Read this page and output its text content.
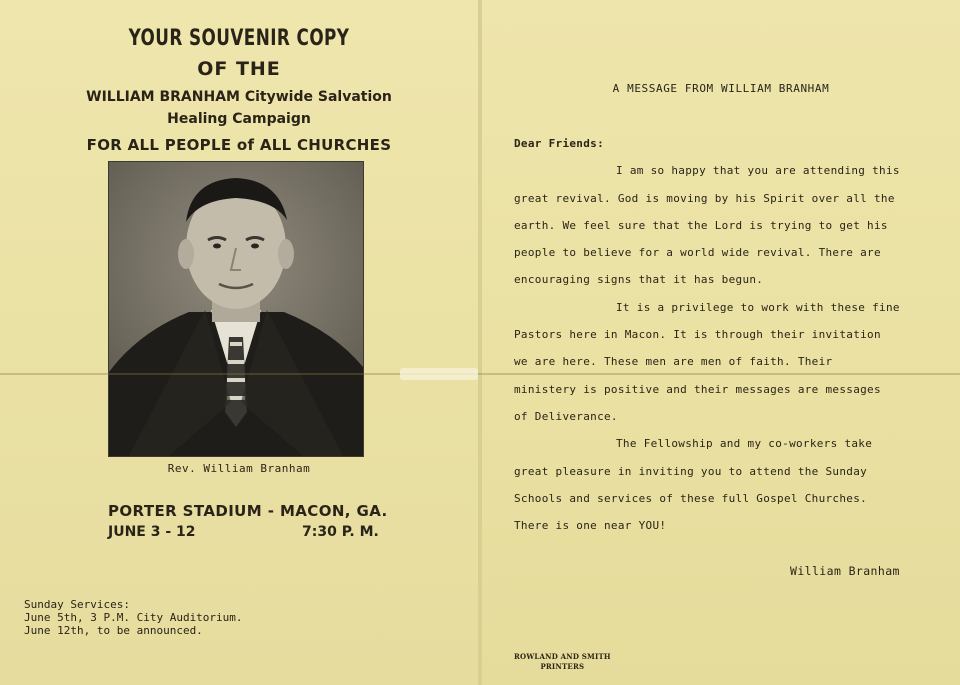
YOUR SOUVENIR COPY
OF THE
WILLIAM BRANHAM Citywide Salvation
Healing Campaign
FOR ALL PEOPLE of ALL CHURCHES
Rev. William Branham
PORTER STADIUM - MACON, GA.
JUNE 3 - 12	7:30 P. M.
Sunday Services:
June 5th, 3 P.M. City Auditorium.
June 12th, to be announced.
A MESSAGE FROM WILLIAM BRANHAM
Dear Friends:
I am so happy that you are attending this
great revival. God is moving by his Spirit over all the
earth. We feel sure that the Lord is trying to get his
people to believe for a world wide revival. There are
encouraging signs that it has begun.
It is a privilege to work with these fine
Pastors here in Macon. It is through their invitation
we are here. These men are men of faith. Their
ministery is positive and their messages are messages
of Deliverance.
The Fellowship and my co-workers take
great pleasure in inviting you to attend the Sunday
Schools and services of these full Gospel Churches.
There is one near YOU!
William Branham
ROWLAND AND SMITH
PRINTERS
